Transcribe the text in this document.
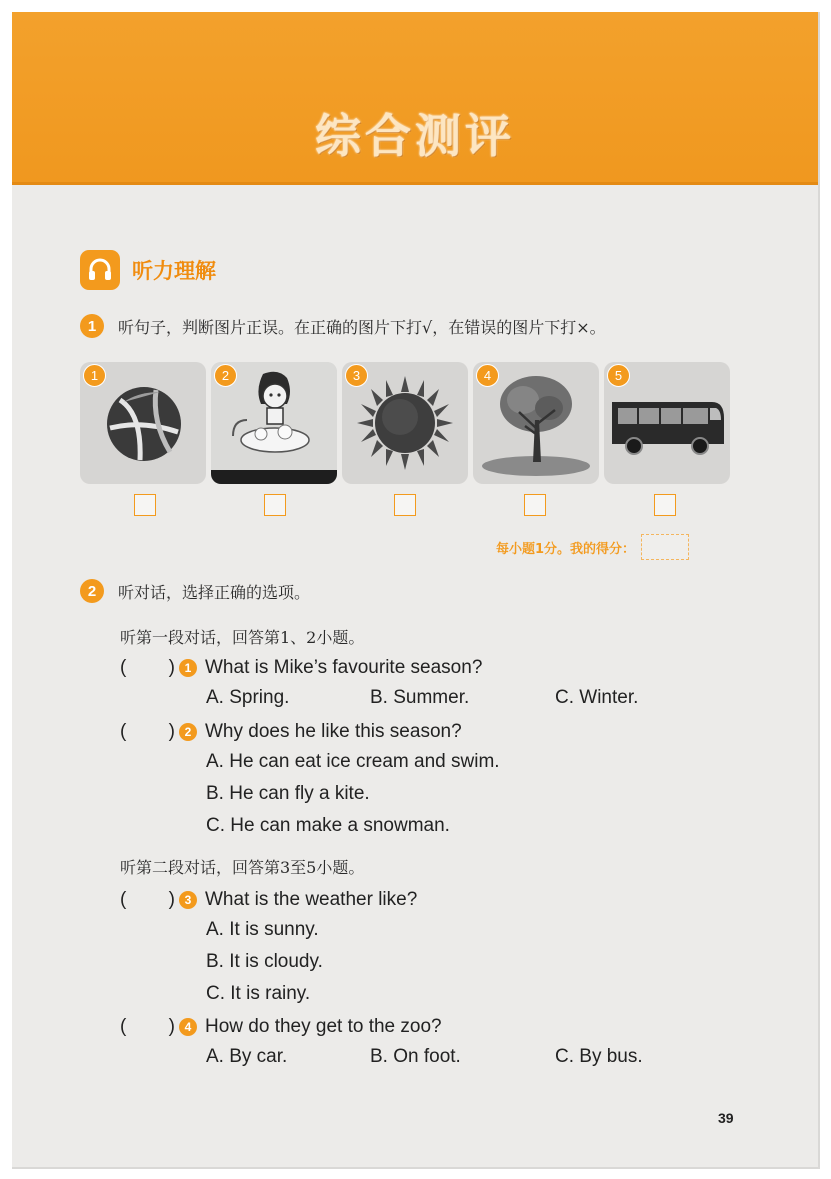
综合测评
听力理解
1	听句子，判断图片正误。在正确的图片下打√，在错误的图片下打×。
1	2	3	4	5
每小题1分。我的得分：
2	听对话，选择正确的选项。
听第一段对话，回答第1、2小题。
( ) 1 What is Mike’s favourite season?
A. Spring.	B. Summer.	C. Winter.
( ) 2 Why does he like this season?
A. He can eat ice cream and swim.
B. He can fly a kite.
C. He can make a snowman.
听第二段对话，回答第3至5小题。
( ) 3 What is the weather like?
A. It is sunny.
B. It is cloudy.
C. It is rainy.
( ) 4 How do they get to the zoo?
A. By car.	B. On foot.	C. By bus.
39
